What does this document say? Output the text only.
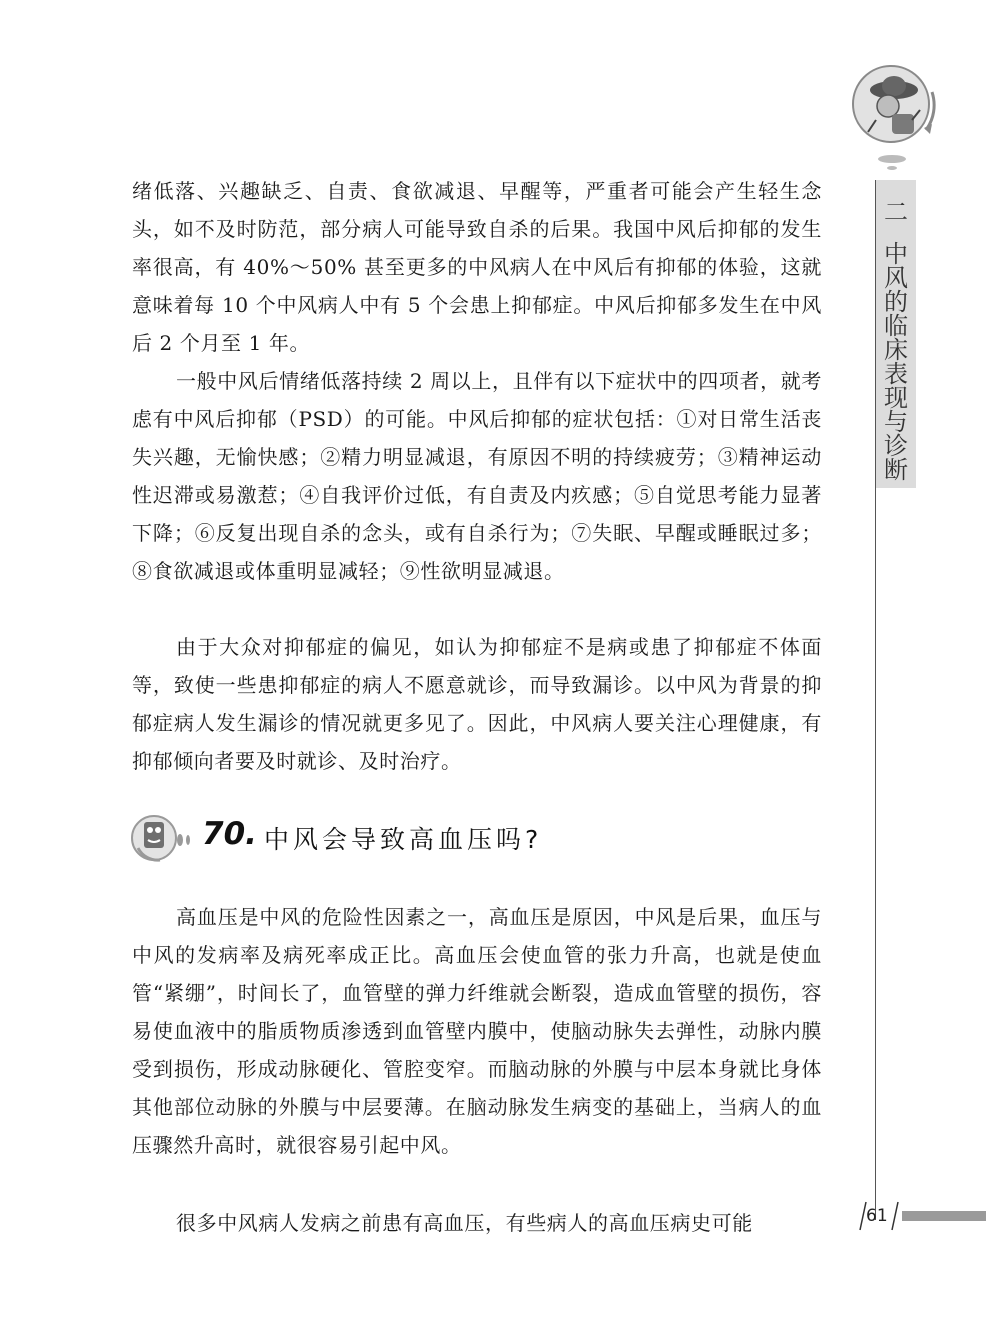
二
中风的临床表现与诊断

绪低落、兴趣缺乏、自责、食欲减退、早醒等，严重者可能会产生轻生念头，如不及时防范，部分病人可能导致自杀的后果。我国中风后抑郁的发生率很高，有 40%～50% 甚至更多的中风病人在中风后有抑郁的体验，这就意味着每 10 个中风病人中有 5 个会患上抑郁症。中风后抑郁多发生在中风后 2 个月至 1 年。

一般中风后情绪低落持续 2 周以上，且伴有以下症状中的四项者，就考虑有中风后抑郁（PSD）的可能。中风后抑郁的症状包括：①对日常生活丧失兴趣，无愉快感；②精力明显减退，有原因不明的持续疲劳；③精神运动性迟滞或易激惹；④自我评价过低，有自责及内疚感；⑤自觉思考能力显著下降；⑥反复出现自杀的念头，或有自杀行为；⑦失眠、早醒或睡眠过多；⑧食欲减退或体重明显减轻；⑨性欲明显减退。

由于大众对抑郁症的偏见，如认为抑郁症不是病或患了抑郁症不体面等，致使一些患抑郁症的病人不愿意就诊，而导致漏诊。以中风为背景的抑郁症病人发生漏诊的情况就更多见了。因此，中风病人要关注心理健康，有抑郁倾向者要及时就诊、及时治疗。

70. 中风会导致高血压吗?

高血压是中风的危险性因素之一，高血压是原因，中风是后果，血压与中风的发病率及病死率成正比。高血压会使血管的张力升高，也就是使血管“紧绷”，时间长了，血管壁的弹力纤维就会断裂，造成血管壁的损伤，容易使血液中的脂质物质渗透到血管壁内膜中，使脑动脉失去弹性，动脉内膜受到损伤，形成动脉硬化、管腔变窄。而脑动脉的外膜与中层本身就比身体其他部位动脉的外膜与中层要薄。在脑动脉发生病变的基础上，当病人的血压骤然升高时，就很容易引起中风。

很多中风病人发病之前患有高血压，有些病人的高血压病史可能	61
